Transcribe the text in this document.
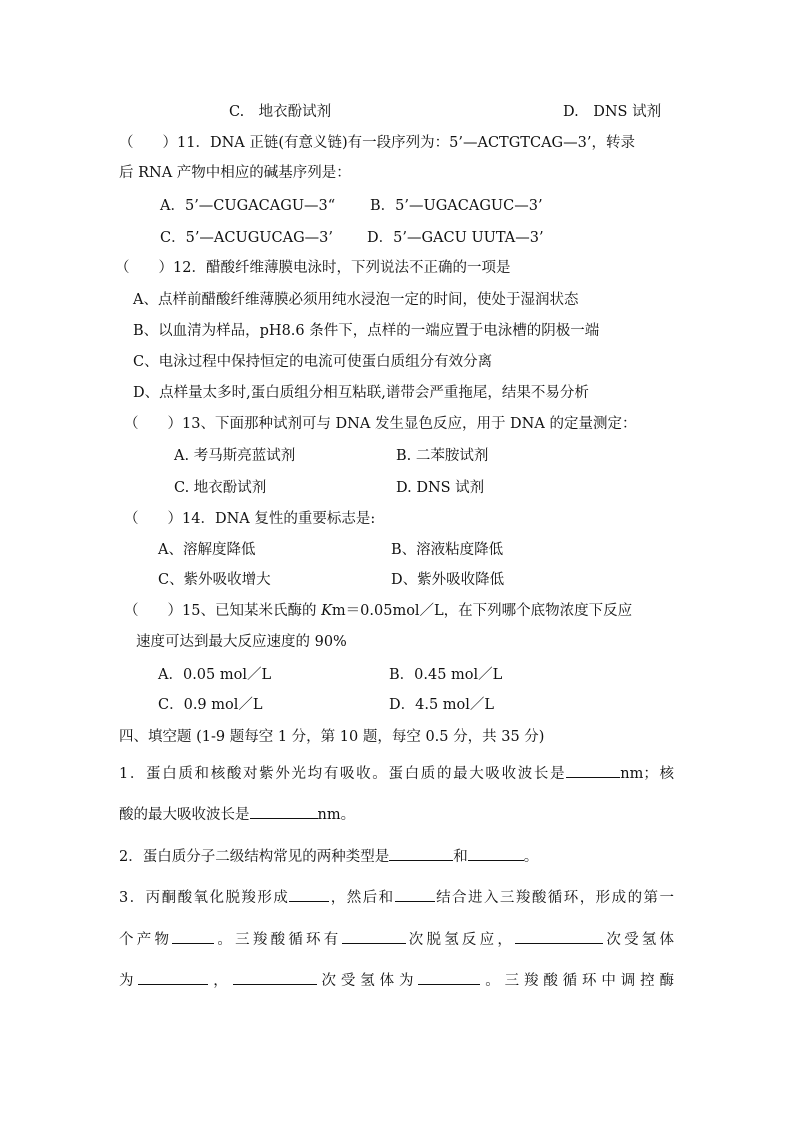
C.　地衣酚试剂	D.　DNS 试剂
（　　）11．DNA 正链(有意义链)有一段序列为：5’—ACTGTCAG—3’，转录
后 RNA 产物中相应的碱基序列是：
A．5’—CUGACAGU—3“ B．5’—UGACAGUC—3’
C．5’—ACUGUCAG—3’ D．5’—GACU UUTA—3’
（　　）12．醋酸纤维薄膜电泳时，下列说法不正确的一项是
A、点样前醋酸纤维薄膜必须用纯水浸泡一定的时间，使处于湿润状态
B、以血清为样品，pH8.6 条件下，点样的一端应置于电泳槽的阴极一端
C、电泳过程中保持恒定的电流可使蛋白质组分有效分离
D、点样量太多时,蛋白质组分相互粘联,谱带会严重拖尾，结果不易分析
（　　）13、下面那种试剂可与 DNA 发生显色反应，用于 DNA 的定量测定：
A. 考马斯亮蓝试剂	B. 二苯胺试剂
C. 地衣酚试剂	D. DNS 试剂
（　　）14．DNA 复性的重要标志是:
A、溶解度降低	B、溶液粘度降低
C、紫外吸收增大	D、紫外吸收降低
（　　）15、已知某米氏酶的 Km＝0.05mol／L，在下列哪个底物浓度下反应
速度可达到最大反应速度的 90%
A．0.05 mol／L	B．0.45 mol／L
C．0.9 mol／L	D．4.5 mol／L
四、填空题 (1-9 题每空 1 分，第 10 题，每空 0.5 分，共 35 分)
1．蛋白质和核酸对紫外光均有吸收。蛋白质的最大吸收波长是	nm；核
酸的最大吸收波长是	nm。
2．蛋白质分子二级结构常见的两种类型是	和	。
3．丙酮酸氧化脱羧形成	，然后和	结合进入三羧酸循环，形成的第一
个产物	。三羧酸循环有	次脱氢反应，	次受氢体
为	，	次受氢体为	。三羧酸循环中调控酶
